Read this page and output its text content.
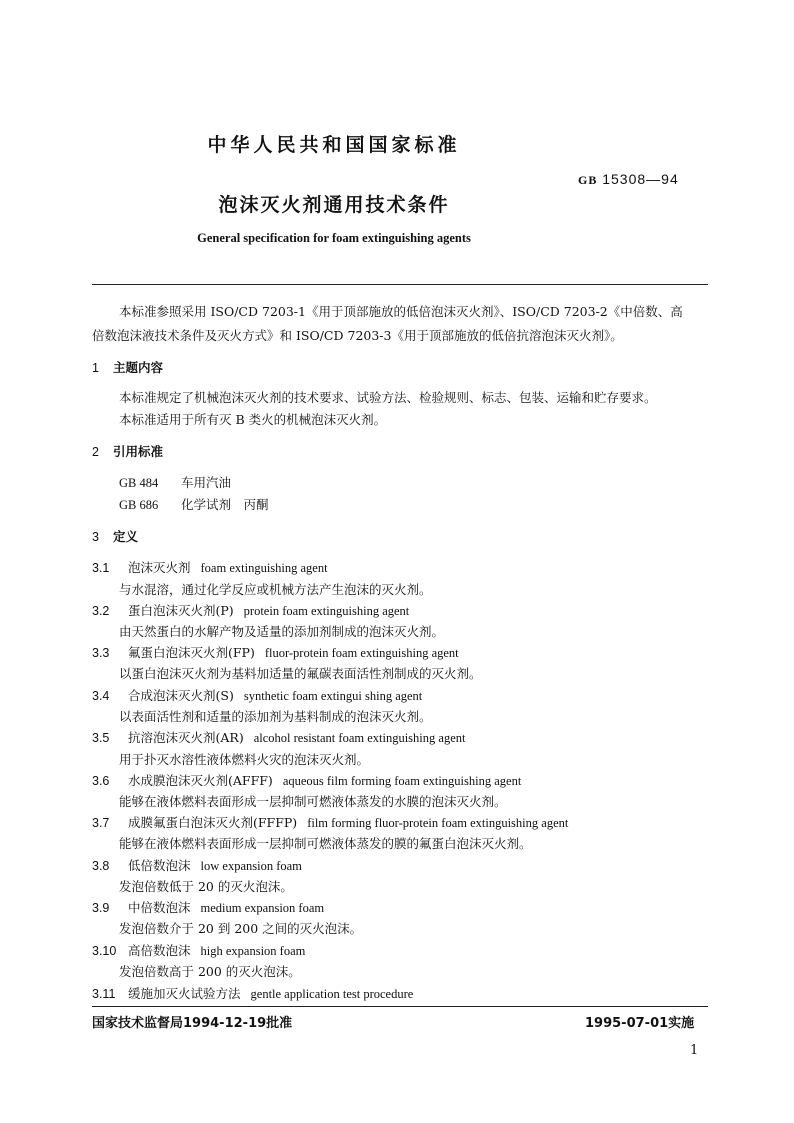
中华人民共和国国家标准
GB 15308—94
泡沫灭火剂通用技术条件
General specification for foam extinguishing agents
本标准参照采用 ISO/CD 7203-1《用于顶部施放的低倍泡沫灭火剂》、ISO/CD 7203-2《中倍数、高
倍数泡沫液技术条件及灭火方式》和 ISO/CD 7203-3《用于顶部施放的低倍抗溶泡沫灭火剂》。
1 主题内容
本标准规定了机械泡沫灭火剂的技术要求、试验方法、检验规则、标志、包装、运输和贮存要求。
本标准适用于所有灭 B 类火的机械泡沫灭火剂。
2 引用标准
GB 484 车用汽油
GB 686 化学试剂　丙酮
3 定义
3.1 泡沫灭火剂 foam extinguishing agent
与水混溶，通过化学反应或机械方法产生泡沫的灭火剂。
3.2 蛋白泡沫灭火剂(P) protein foam extinguishing agent
由天然蛋白的水解产物及适量的添加剂制成的泡沫灭火剂。
3.3 氟蛋白泡沫灭火剂(FP) fluor-protein foam extinguishing agent
以蛋白泡沫灭火剂为基料加适量的氟碳表面活性剂制成的灭火剂。
3.4 合成泡沫灭火剂(S) synthetic foam extingui shing agent
以表面活性剂和适量的添加剂为基料制成的泡沫灭火剂。
3.5 抗溶泡沫灭火剂(AR) alcohol resistant foam extinguishing agent
用于扑灭水溶性液体燃料火灾的泡沫灭火剂。
3.6 水成膜泡沫灭火剂(AFFF) aqueous film forming foam extinguishing agent
能够在液体燃料表面形成一层抑制可燃液体蒸发的水膜的泡沫灭火剂。
3.7 成膜氟蛋白泡沫灭火剂(FFFP) film forming fluor-protein foam extinguishing agent
能够在液体燃料表面形成一层抑制可燃液体蒸发的膜的氟蛋白泡沫灭火剂。
3.8 低倍数泡沫 low expansion foam
发泡倍数低于 20 的灭火泡沫。
3.9 中倍数泡沫 medium expansion foam
发泡倍数介于 20 到 200 之间的灭火泡沫。
3.10 高倍数泡沫 high expansion foam
发泡倍数高于 200 的灭火泡沫。
3.11 缓施加灭火试验方法 gentle application test procedure
国家技术监督局1994-12-19批准	1995-07-01实施
1
